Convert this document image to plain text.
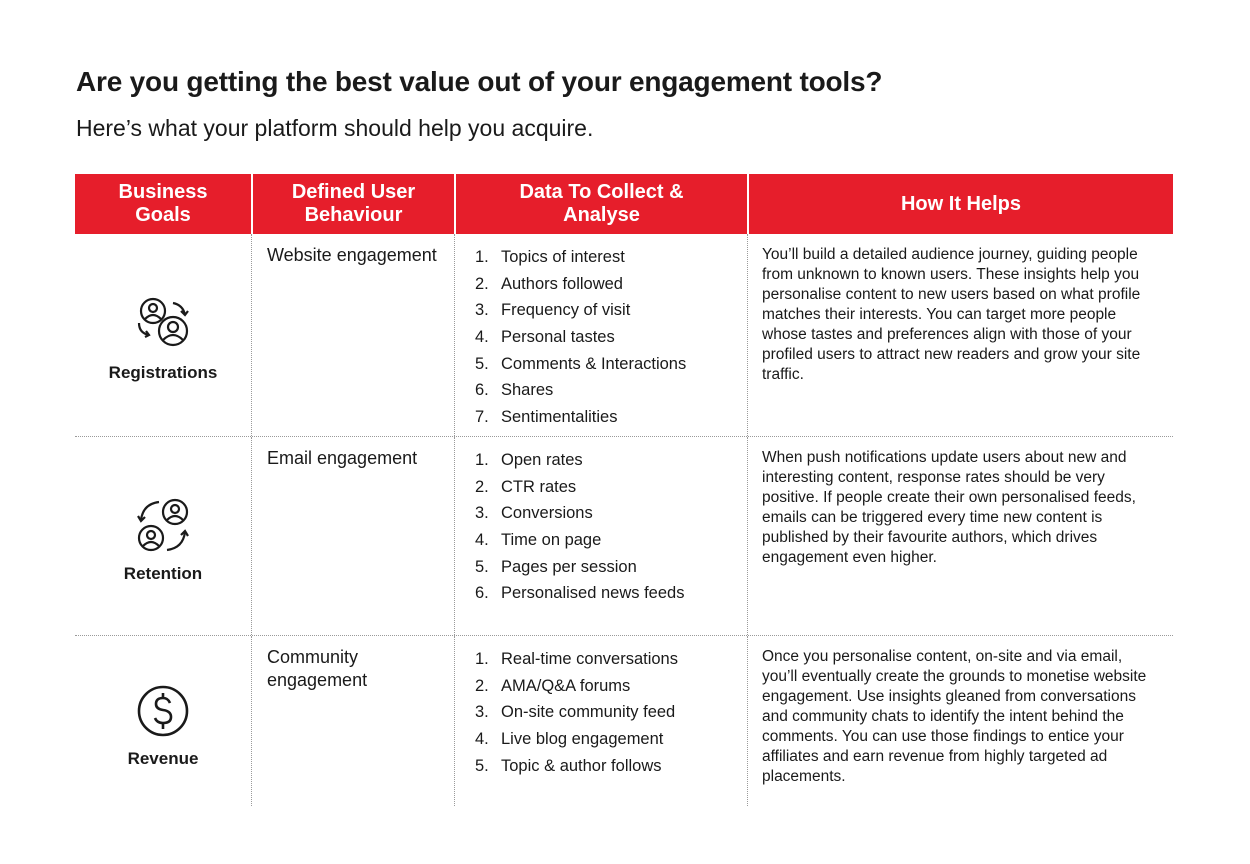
Are you getting the best value out of your engagement tools?
Here’s what your platform should help you acquire.
Business Goals
Defined User Behaviour
Data To Collect & Analyse
How It Helps
Registrations
Website engagement 1. Topics of interest
2. Authors followed
3. Frequency of visit
4. Personal tastes
5. Comments & Interactions
6. Shares
7. Sentimentalities
You’ll build a detailed audience journey, guiding people from unknown to known users. These insights help you personalise content to new users based on what profile matches their interests. You can target more people whose tastes and preferences align with those of your profiled users to attract new readers and grow your site traffic.
Retention
Email engagement	1. Open rates
2. CTR rates
3. Conversions
4. Time on page
5. Pages per session
6. Personalised news feeds
When push notifications update users about new and interesting content, response rates should be very positive. If people create their own personalised feeds, emails can be triggered every time new content is published by their favourite authors, which drives engagement even higher.
Revenue
Community engagement
1. Real-time conversations
2. AMA/Q&A forums
3. On-site community feed
4. Live blog engagement
5. Topic & author follows
Once you personalise content, on-site and via email, you’ll eventually create the grounds to monetise website engagement. Use insights gleaned from conversations and community chats to identify the intent behind the comments. You can use those findings to entice your affiliates and earn revenue from highly targeted ad placements.
